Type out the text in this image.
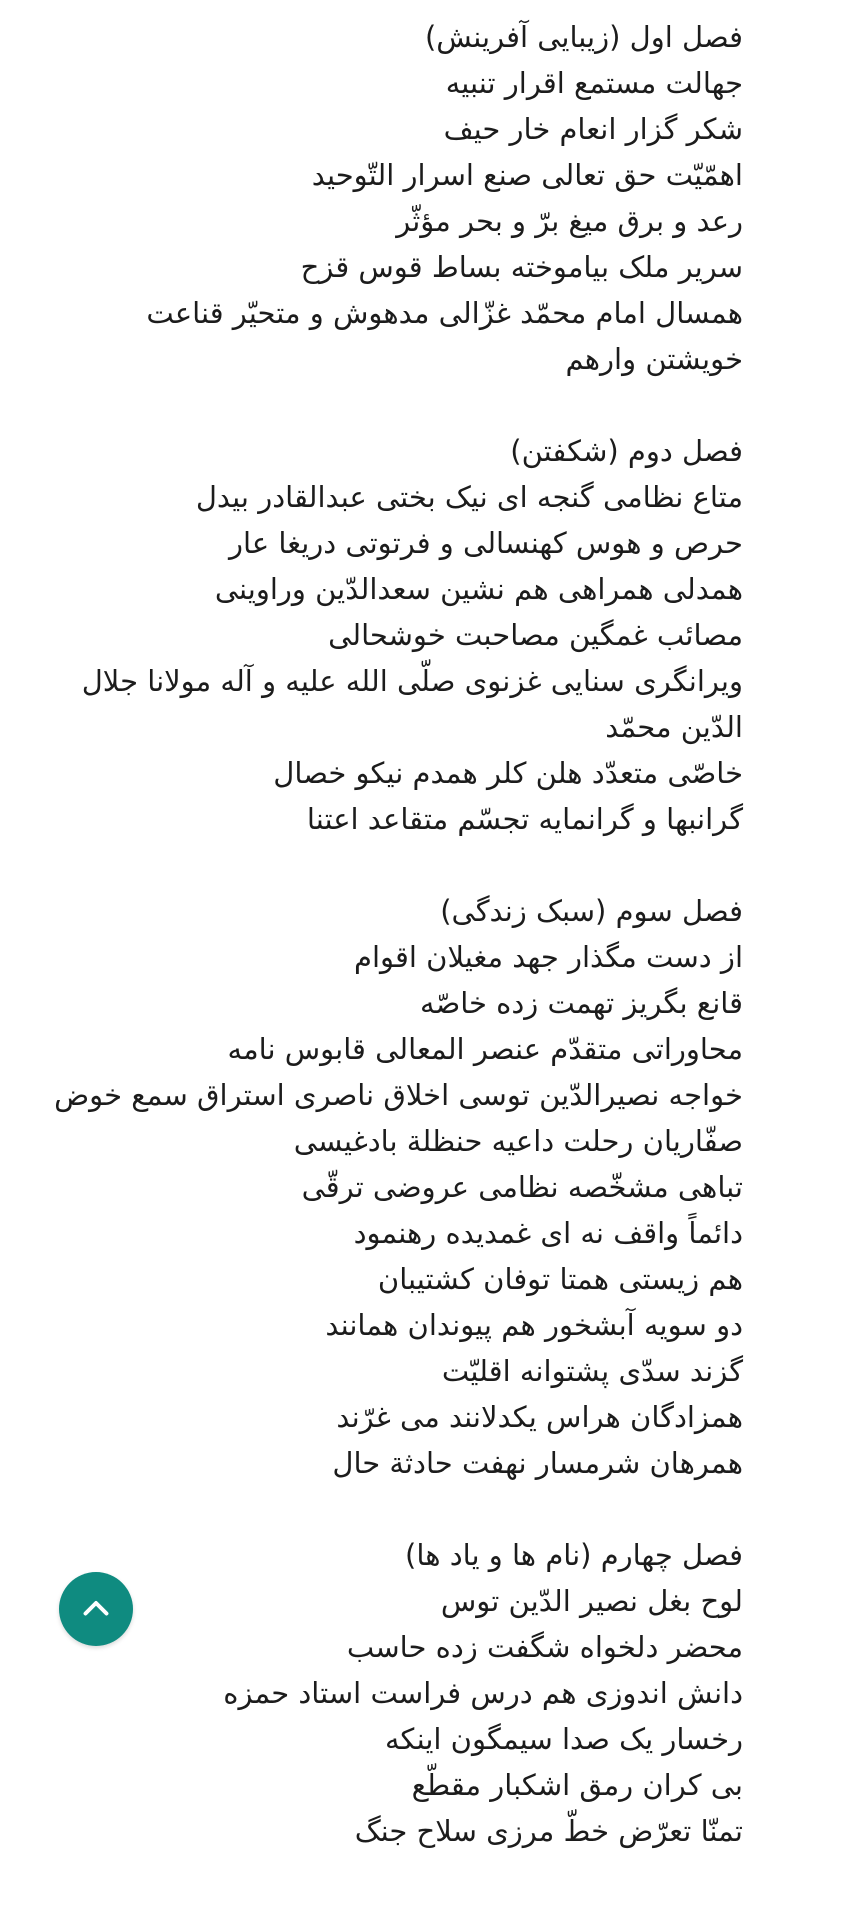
فصل اول (زیبایی آفرینش)
جهالت مستمع اقرار تنبیه
شکر گزار انعام خار حیف
اهمّیّت حق تعالی صنع اسرار التّوحید
رعد و برق میغ برّ و بحر مؤثّر
سریر ملک بیاموخته بساط قوس قزح
همسال امام محمّد غزّالی مدهوش و متحیّر قناعت خویشتن وارهم
فصل دوم (شکفتن)
متاع نظامی گنجه ای نیک بختی عبدالقادر بیدل
حرص و هوس کهنسالی و فرتوتی دریغا عار
همدلی همراهی هم نشین سعدالدّین وراوینی
مصائب غمگین مصاحبت خوشحالی
ویرانگری سنایی غزنوی صلّی الله علیه و آله مولانا جلال الدّین محمّد
خاصّی متعدّد هلن کلر همدم نیکو خصال
گرانبها و گرانمایه تجسّم متقاعد اعتنا
فصل سوم (سبک زندگی)
از دست مگذار جهد مغیلان اقوام
قانع بگریز تهمت زده خاصّه
محاوراتی متقدّم عنصر المعالی قابوس نامه
خواجه نصیرالدّین توسی اخلاق ناصری استراق سمع خوض
صفّاریان رحلت داعیه حنظلة بادغیسی
تباهی مشخّصه نظامی عروضی ترقّی
دائماً واقف نه ای غمدیده رهنمود
هم زیستی همتا توفان کشتیبان
دو سویه آبشخور هم پیوندان همانند
گزند سدّی پشتوانه اقلیّت
همزادگان هراس یکدلانند می غرّند
همرهان شرمسار نهفت حادثة حال
فصل چهارم (نام ها و یاد ها)
لوح بغل نصیر الدّین توس
محضر دلخواه شگفت زده حاسب
دانش اندوزی هم درس فراست استاد حمزه
رخسار یک صدا سیمگون اینکه
بی کران رمق اشکبار مقطّع
تمنّا تعرّض خطّ مرزی سلاح جنگ
